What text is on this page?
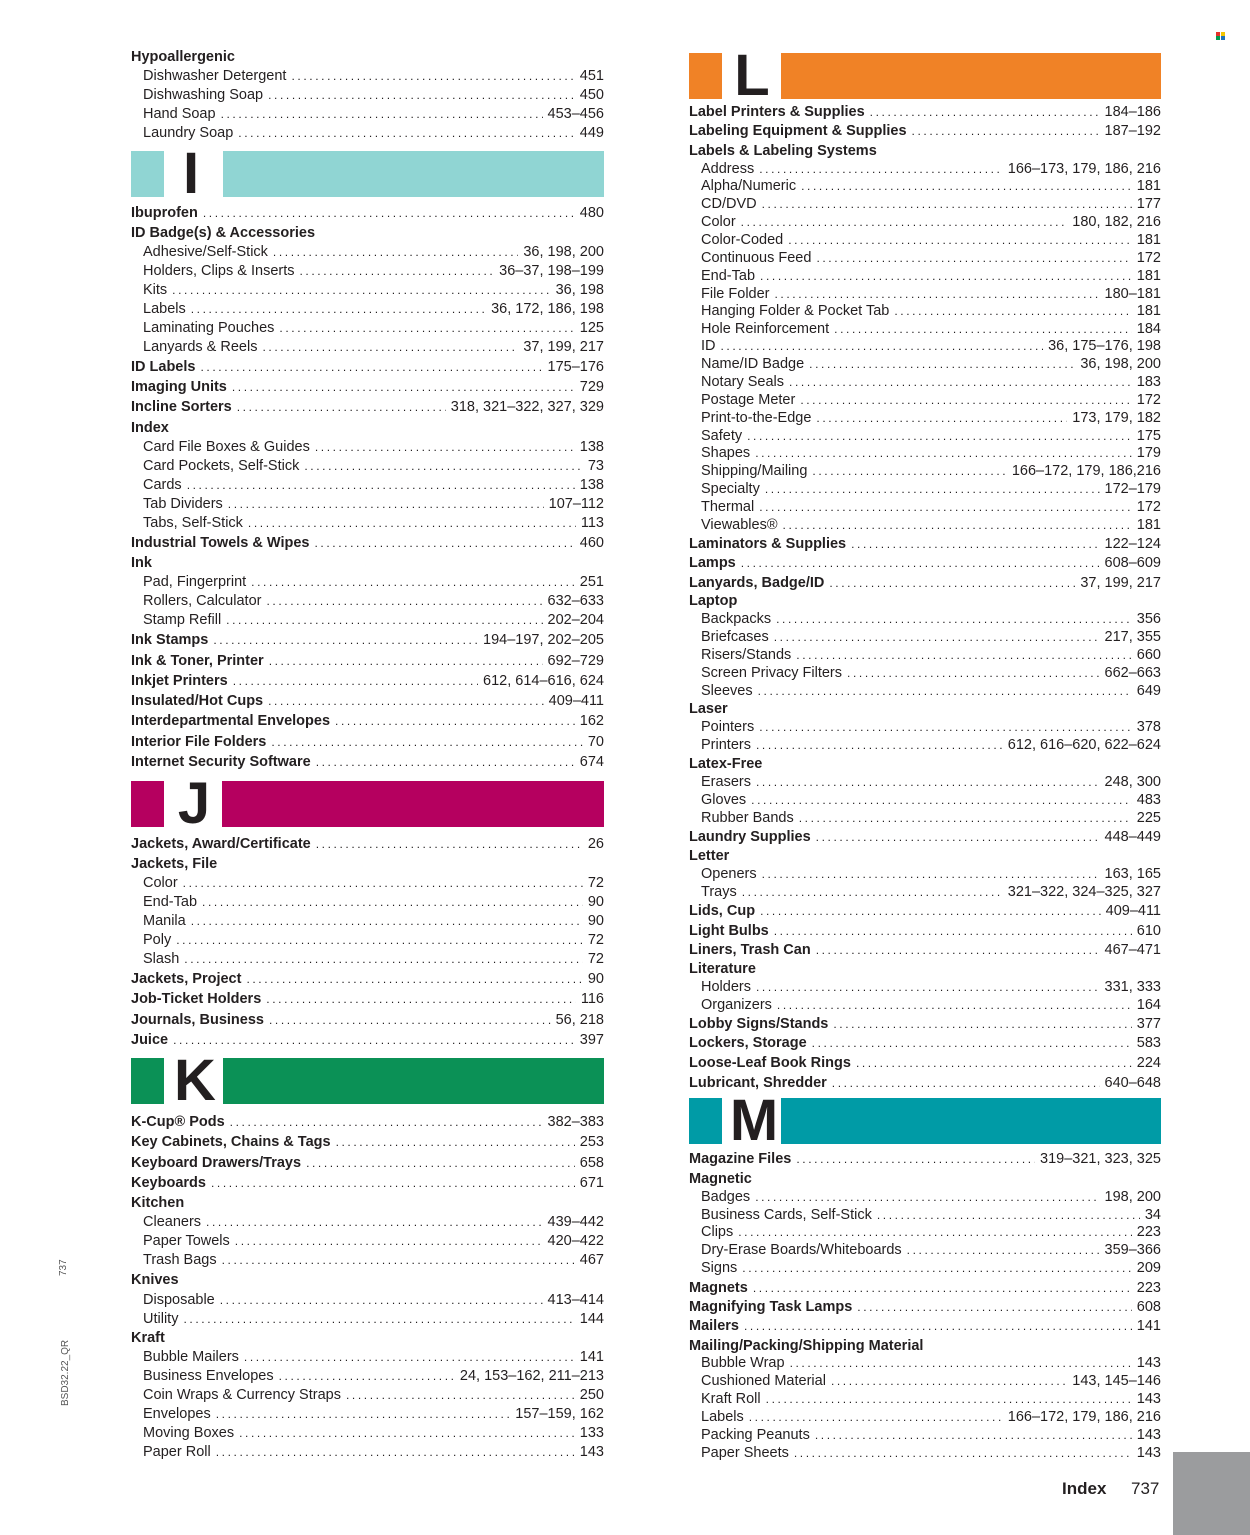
Hypoallergenic
Dishwasher Detergent .....	451
Dishwashing Soap .....	450
Hand Soap .....	453–456
Laundry Soap .....	449
I
Ibuprofen .....	480
ID Badge(s) & Accessories
Adhesive/Self-Stick .....	36, 198, 200
Holders, Clips & Inserts .....	36–37, 198–199
Kits .....	36, 198
Labels .....	36, 172, 186, 198
Laminating Pouches .....	125
Lanyards & Reels .....	37, 199, 217
ID Labels .....	175–176
Imaging Units .....	729
Incline Sorters .....	318, 321–322, 327, 329
Index
Card File Boxes & Guides .....	138
Card Pockets, Self-Stick .....	73
Cards .....	138
Tab Dividers .....	107–112
Tabs, Self-Stick .....	113
Industrial Towels & Wipes .....	460
Ink
Pad, Fingerprint .....	251
Rollers, Calculator .....	632–633
Stamp Refill .....	202–204
Ink Stamps .....	194–197, 202–205
Ink & Toner, Printer .....	692–729
Inkjet Printers .....	612, 614–616, 624
Insulated/Hot Cups .....	409–411
Interdepartmental Envelopes .....	162
Interior File Folders .....	70
Internet Security Software .....	674
J
Jackets, Award/Certificate .....	26
Jackets, File
Color .....	72
End-Tab .....	90
Manila .....	90
Poly .....	72
Slash .....	72
Jackets, Project .....	90
Job-Ticket Holders .....	116
Journals, Business .....	56, 218
Juice .....	397
K
K-Cup® Pods .....	382–383
Key Cabinets, Chains & Tags .....	253
Keyboard Drawers/Trays .....	658
Keyboards .....	671
Kitchen
Cleaners .....	439–442
Paper Towels .....	420–422
Trash Bags .....	467
Knives
Disposable .....	413–414
Utility .....	144
Kraft
Bubble Mailers .....	141
Business Envelopes .....	24, 153–162, 211–213
Coin Wraps & Currency Straps .....	250
Envelopes .....	157–159, 162
Moving Boxes .....	133
Paper Roll .....	143
L
Label Printers & Supplies .....	184–186
Labeling Equipment & Supplies .....	187–192
Labels & Labeling Systems
Address .....	166–173, 179, 186, 216
Alpha/Numeric .....	181
CD/DVD .....	177
Color .....	180, 182, 216
Color-Coded .....	181
Continuous Feed .....	172
End-Tab .....	181
File Folder .....	180–181
Hanging Folder & Pocket Tab .....	181
Hole Reinforcement .....	184
ID .....	36, 175–176, 198
Name/ID Badge .....	36, 198, 200
Notary Seals .....	183
Postage Meter .....	172
Print-to-the-Edge .....	173, 179, 182
Safety .....	175
Shapes .....	179
Shipping/Mailing .....	166–172, 179, 186,216
Specialty .....	172–179
Thermal .....	172
Viewables® .....	181
Laminators & Supplies .....	122–124
Lamps .....	608–609
Lanyards, Badge/ID .....	37, 199, 217
Laptop
Backpacks .....	356
Briefcases .....	217, 355
Risers/Stands .....	660
Screen Privacy Filters .....	662–663
Sleeves .....	649
Laser
Pointers .....	378
Printers .....	612, 616–620, 622–624
Latex-Free
Erasers .....	248, 300
Gloves .....	483
Rubber Bands .....	225
Laundry Supplies .....	448–449
Letter
Openers .....	163, 165
Trays .....	321–322, 324–325, 327
Lids, Cup .....	409–411
Light Bulbs .....	610
Liners, Trash Can .....	467–471
Literature
Holders .....	331, 333
Organizers .....	164
Lobby Signs/Stands .....	377
Lockers, Storage .....	583
Loose-Leaf Book Rings .....	224
Lubricant, Shredder .....	640–648
M
Magazine Files .....	319–321, 323, 325
Magnetic
Badges .....	198, 200
Business Cards, Self-Stick .....	34
Clips .....	223
Dry-Erase Boards/Whiteboards .....	359–366
Signs .....	209
Magnets .....	223
Magnifying Task Lamps .....	608
Mailers .....	141
Mailing/Packing/Shipping Material
Bubble Wrap .....	143
Cushioned Material .....	143, 145–146
Kraft Roll .....	143
Labels .....	166–172, 179, 186, 216
Packing Peanuts .....	143
Paper Sheets .....	143
737
BSD32.22_QR
Index 737
